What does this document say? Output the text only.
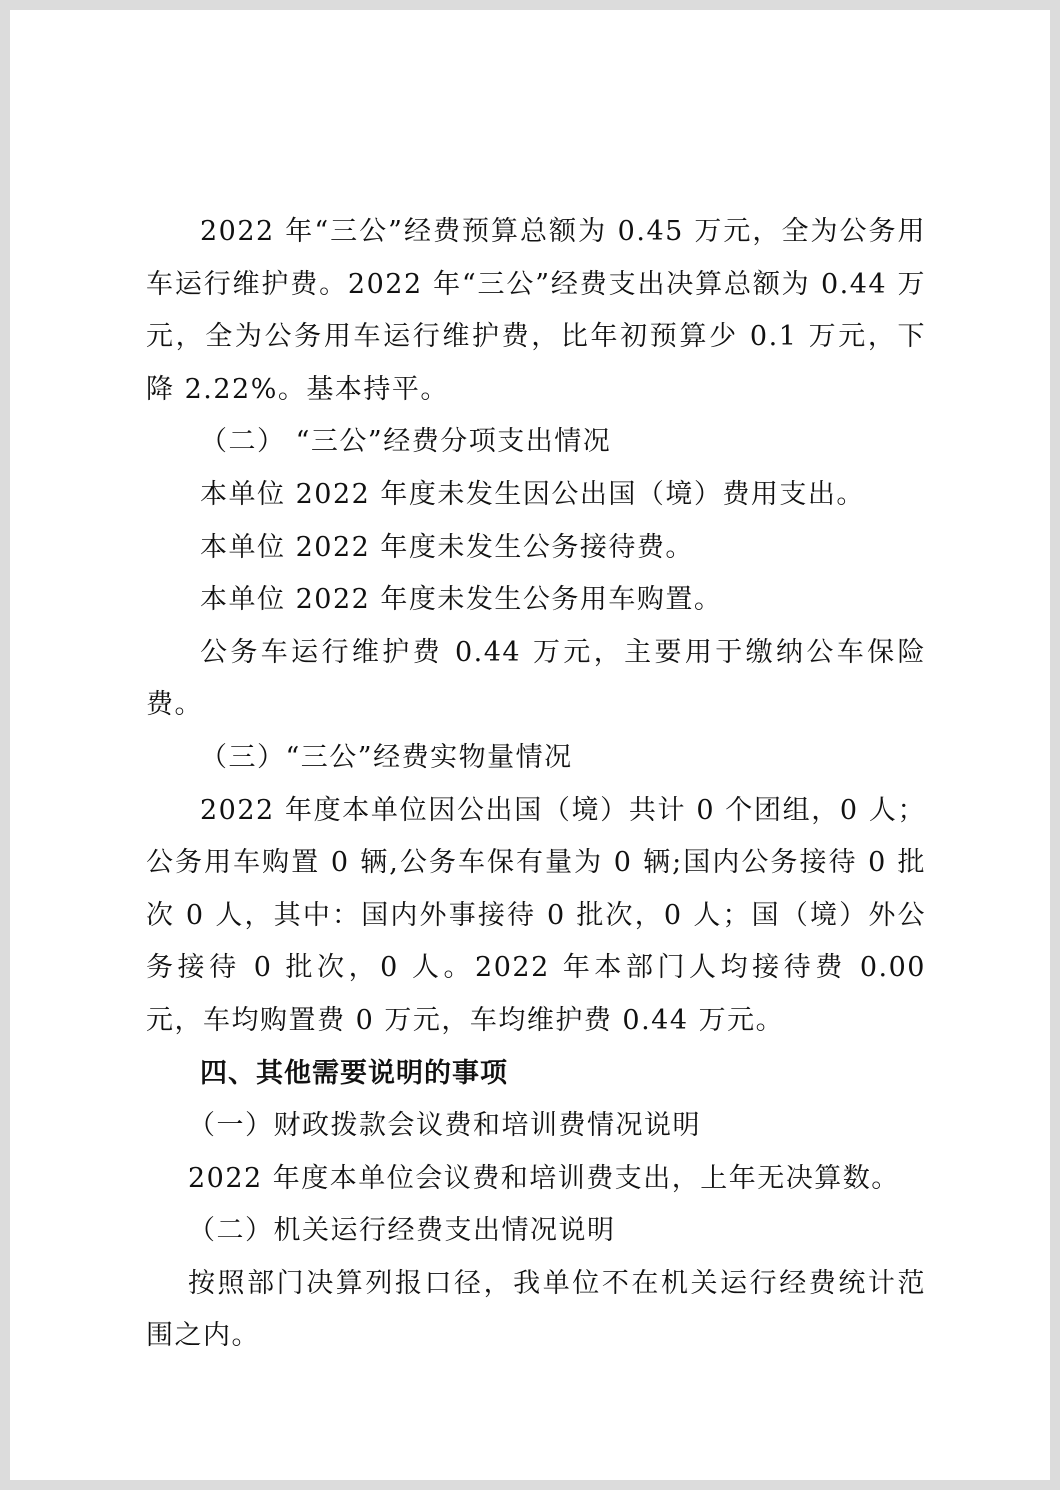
2022 年“三公”经费预算总额为 0.45 万元，全为公务用车运行维护费。2022 年“三公”经费支出决算总额为 0.44 万元，全为公务用车运行维护费，比年初预算少 0.1 万元，下降 2.22%。基本持平。

（二） “三公”经费分项支出情况

本单位 2022 年度未发生因公出国（境）费用支出。

本单位 2022 年度未发生公务接待费。

本单位 2022 年度未发生公务用车购置。

公务车运行维护费 0.44 万元，主要用于缴纳公车保险费。

（三）“三公”经费实物量情况

2022 年度本单位因公出国（境）共计 0 个团组，0 人；公务用车购置 0 辆,公务车保有量为 0 辆;国内公务接待 0 批次 0 人，其中：国内外事接待 0 批次，0 人；国（境）外公务接待 0 批次，0 人。2022 年本部门人均接待费 0.00 元，车均购置费 0 万元，车均维护费 0.44 万元。

四、其他需要说明的事项

（一）财政拨款会议费和培训费情况说明

2022 年度本单位会议费和培训费支出，上年无决算数。

（二）机关运行经费支出情况说明

按照部门决算列报口径，我单位不在机关运行经费统计范围之内。
